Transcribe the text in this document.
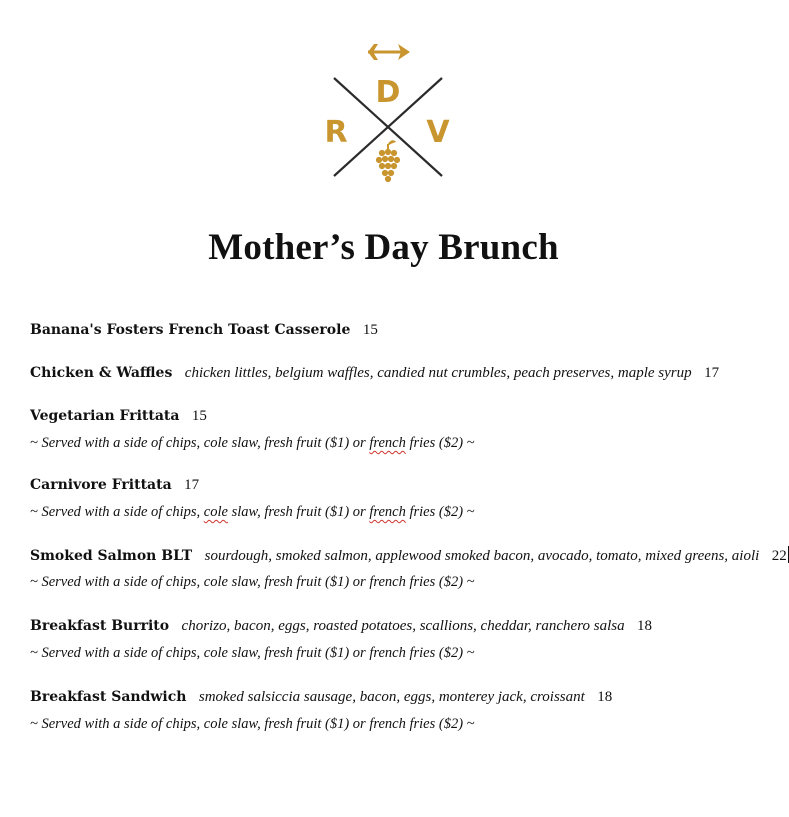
D
R	V
Mother’s Day Brunch
Banana's Fosters French Toast Casserole 15
Chicken & Waffles chicken littles, belgium waffles, candied nut crumbles, peach preserves, maple syrup 17
Vegetarian Frittata 15
~ Served with a side of chips, cole slaw, fresh fruit ($1) or french fries ($2) ~
Carnivore Frittata 17
~ Served with a side of chips, cole slaw, fresh fruit ($1) or french fries ($2) ~
Smoked Salmon BLT sourdough, smoked salmon, applewood smoked bacon, avocado, tomato, mixed greens, aioli 22
~ Served with a side of chips, cole slaw, fresh fruit ($1) or french fries ($2) ~
Breakfast Burrito chorizo, bacon, eggs, roasted potatoes, scallions, cheddar, ranchero salsa 18
~ Served with a side of chips, cole slaw, fresh fruit ($1) or french fries ($2) ~
Breakfast Sandwich smoked salsiccia sausage, bacon, eggs, monterey jack, croissant 18
~ Served with a side of chips, cole slaw, fresh fruit ($1) or french fries ($2) ~
